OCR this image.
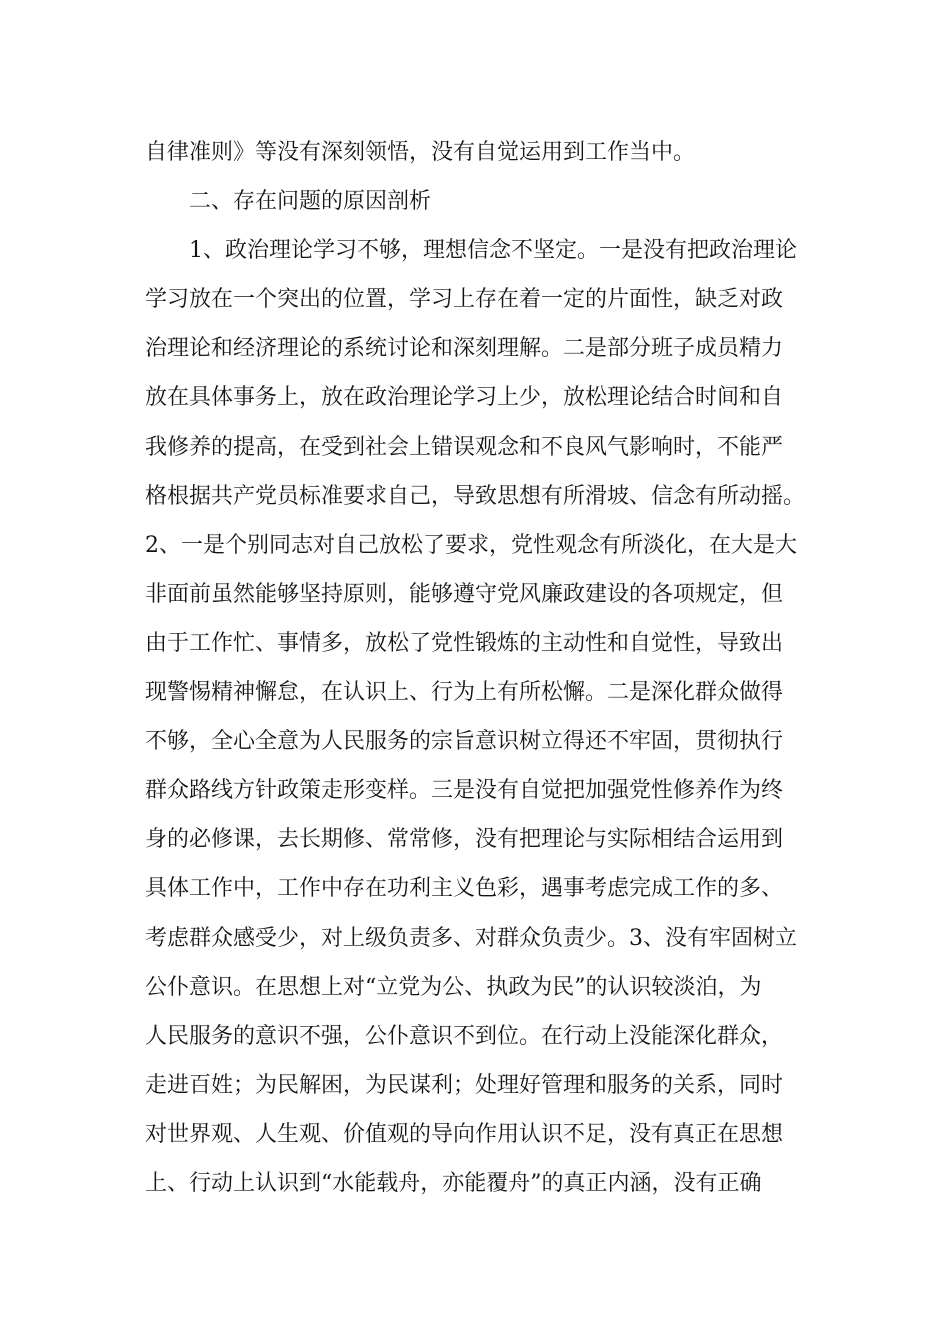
自律准则》等没有深刻领悟，没有自觉运用到工作当中。
二、存在问题的原因剖析
1、政治理论学习不够，理想信念不坚定。一是没有把政治理论
学习放在一个突出的位置，学习上存在着一定的片面性，缺乏对政
治理论和经济理论的系统讨论和深刻理解。二是部分班子成员精力
放在具体事务上，放在政治理论学习上少，放松理论结合时间和自
我修养的提高，在受到社会上错误观念和不良风气影响时，不能严
格根据共产党员标准要求自己，导致思想有所滑坡、信念有所动摇。
2、一是个别同志对自己放松了要求，党性观念有所淡化，在大是大
非面前虽然能够坚持原则，能够遵守党风廉政建设的各项规定，但
由于工作忙、事情多，放松了党性锻炼的主动性和自觉性，导致出
现警惕精神懈怠，在认识上、行为上有所松懈。二是深化群众做得
不够，全心全意为人民服务的宗旨意识树立得还不牢固，贯彻执行
群众路线方针政策走形变样。三是没有自觉把加强党性修养作为终
身的必修课，去长期修、常常修，没有把理论与实际相结合运用到
具体工作中，工作中存在功利主义色彩，遇事考虑完成工作的多、
考虑群众感受少，对上级负责多、对群众负责少。3、没有牢固树立
公仆意识。在思想上对“立党为公、执政为民”的认识较淡泊，为
人民服务的意识不强，公仆意识不到位。在行动上没能深化群众，
走进百姓；为民解困，为民谋利；处理好管理和服务的关系，同时
对世界观、人生观、价值观的导向作用认识不足，没有真正在思想
上、行动上认识到“水能载舟，亦能覆舟”的真正内涵，没有正确
